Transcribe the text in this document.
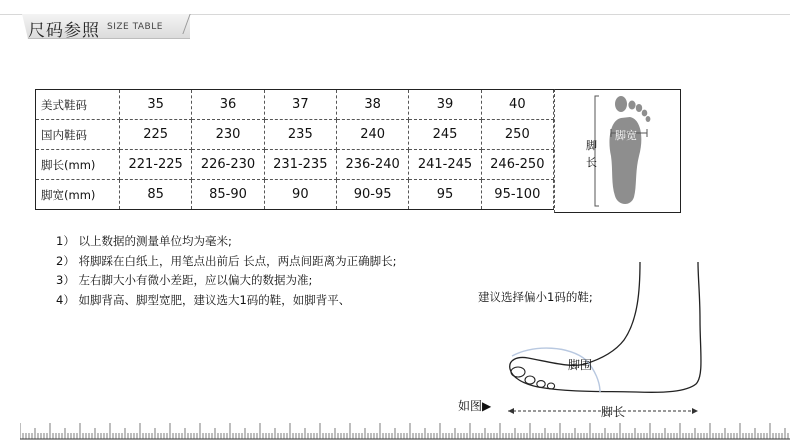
尺码参照 SIZE TABLE
美式鞋码	35	36	37	38	39	40
国内鞋码	225	230	235	240	245	250
脚长(mm)	221-225	226-230	231-235	236-240	241-245	246-250
脚宽(mm)	85	85-90	90	90-95	95	95-100
脚
长
脚宽
1） 以上数据的测量单位均为毫米;
2） 将脚踩在白纸上，用笔点出前后 长点，两点间距离为正确脚长;
3） 左右脚大小有微小差距，应以偏大的数据为准;
4） 如脚背高、脚型宽肥，建议选大1码的鞋，如脚背平、	建议选择偏小1码的鞋;
脚围
脚长
如图▶
